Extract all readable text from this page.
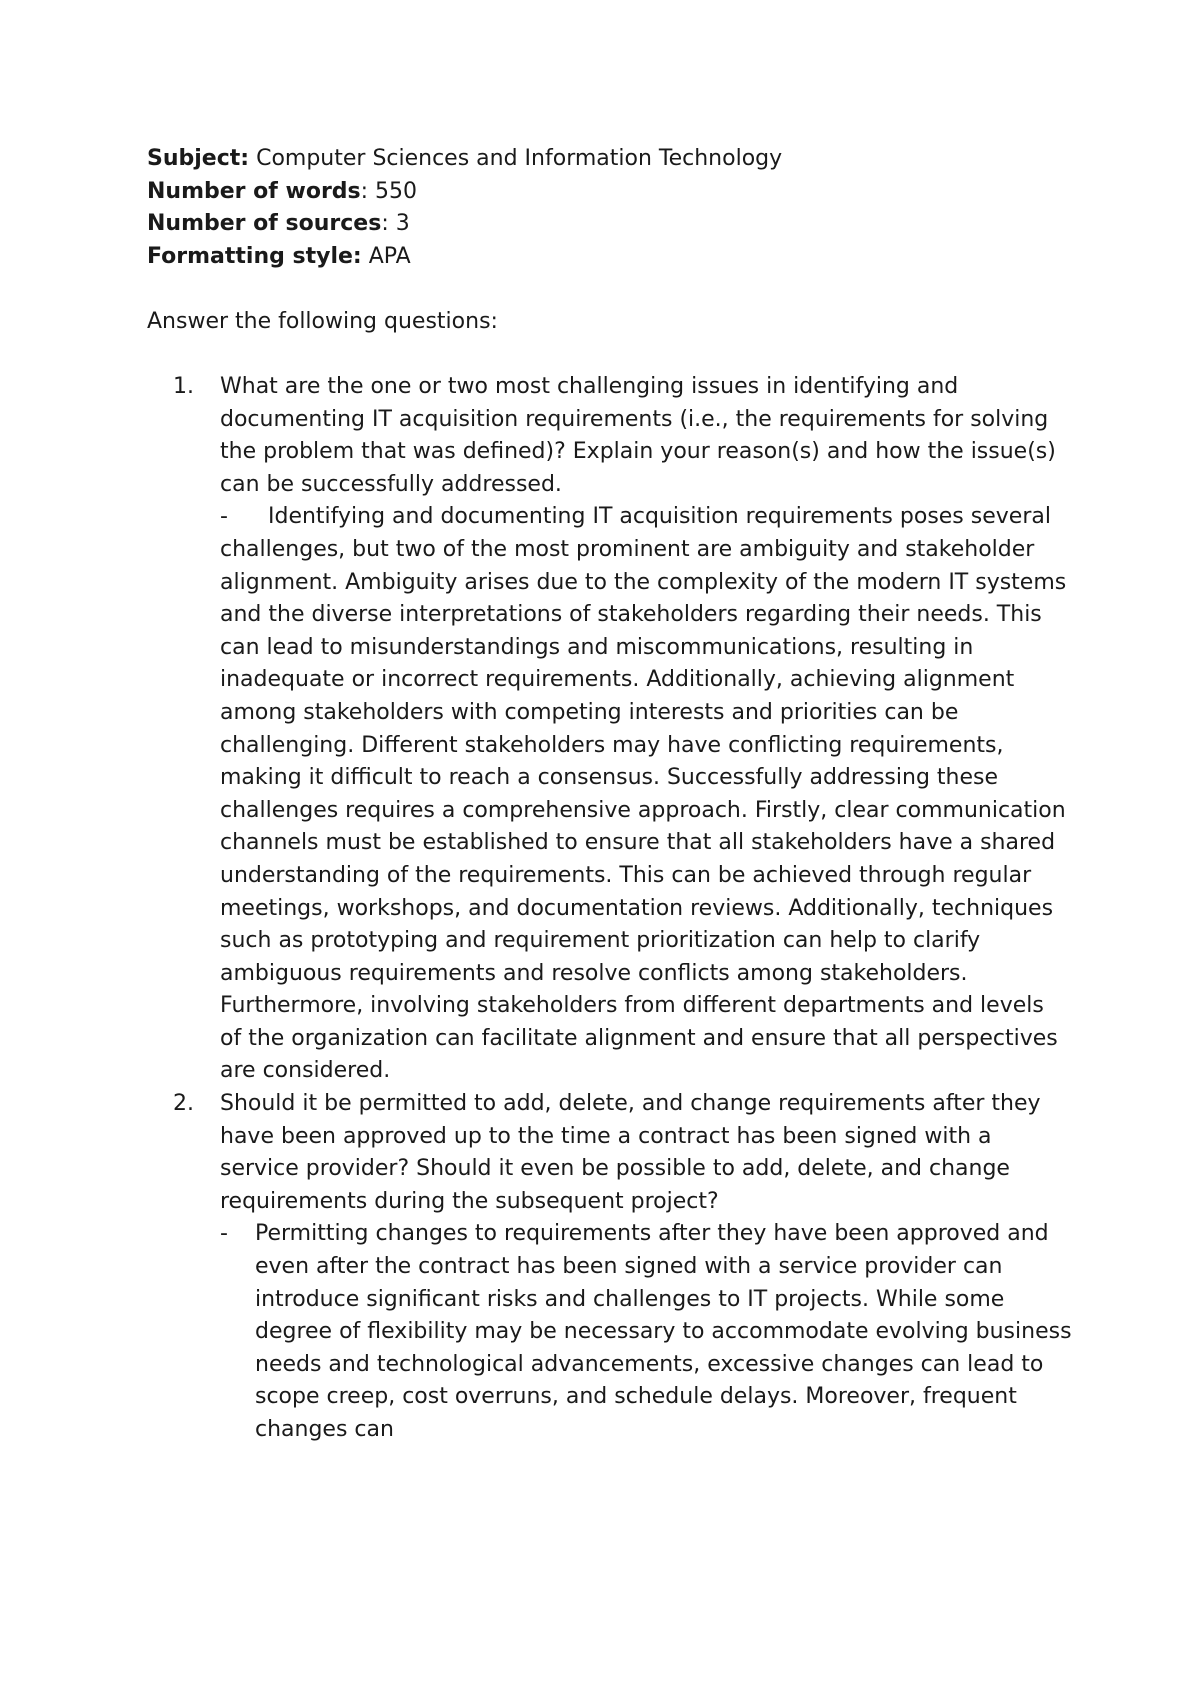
Subject: Computer Sciences and Information Technology
Number of words: 550
Number of sources: 3
Formatting style: APA
Answer the following questions:
1. What are the one or two most challenging issues in identifying and documenting IT acquisition requirements (i.e., the requirements for solving the problem that was defined)? Explain your reason(s) and how the issue(s) can be successfully addressed.
- Identifying and documenting IT acquisition requirements poses several challenges, but two of the most prominent are ambiguity and stakeholder alignment. Ambiguity arises due to the complexity of the modern IT systems and the diverse interpretations of stakeholders regarding their needs. This can lead to misunderstandings and miscommunications, resulting in inadequate or incorrect requirements. Additionally, achieving alignment among stakeholders with competing interests and priorities can be challenging. Different stakeholders may have conflicting requirements, making it difficult to reach a consensus. Successfully addressing these challenges requires a comprehensive approach. Firstly, clear communication channels must be established to ensure that all stakeholders have a shared understanding of the requirements. This can be achieved through regular meetings, workshops, and documentation reviews. Additionally, techniques such as prototyping and requirement prioritization can help to clarify ambiguous requirements and resolve conflicts among stakeholders. Furthermore, involving stakeholders from different departments and levels of the organization can facilitate alignment and ensure that all perspectives are considered.
2. Should it be permitted to add, delete, and change requirements after they have been approved up to the time a contract has been signed with a service provider? Should it even be possible to add, delete, and change requirements during the subsequent project?
- Permitting changes to requirements after they have been approved and even after the contract has been signed with a service provider can introduce significant risks and challenges to IT projects. While some degree of flexibility may be necessary to accommodate evolving business needs and technological advancements, excessive changes can lead to scope creep, cost overruns, and schedule delays. Moreover, frequent changes can
